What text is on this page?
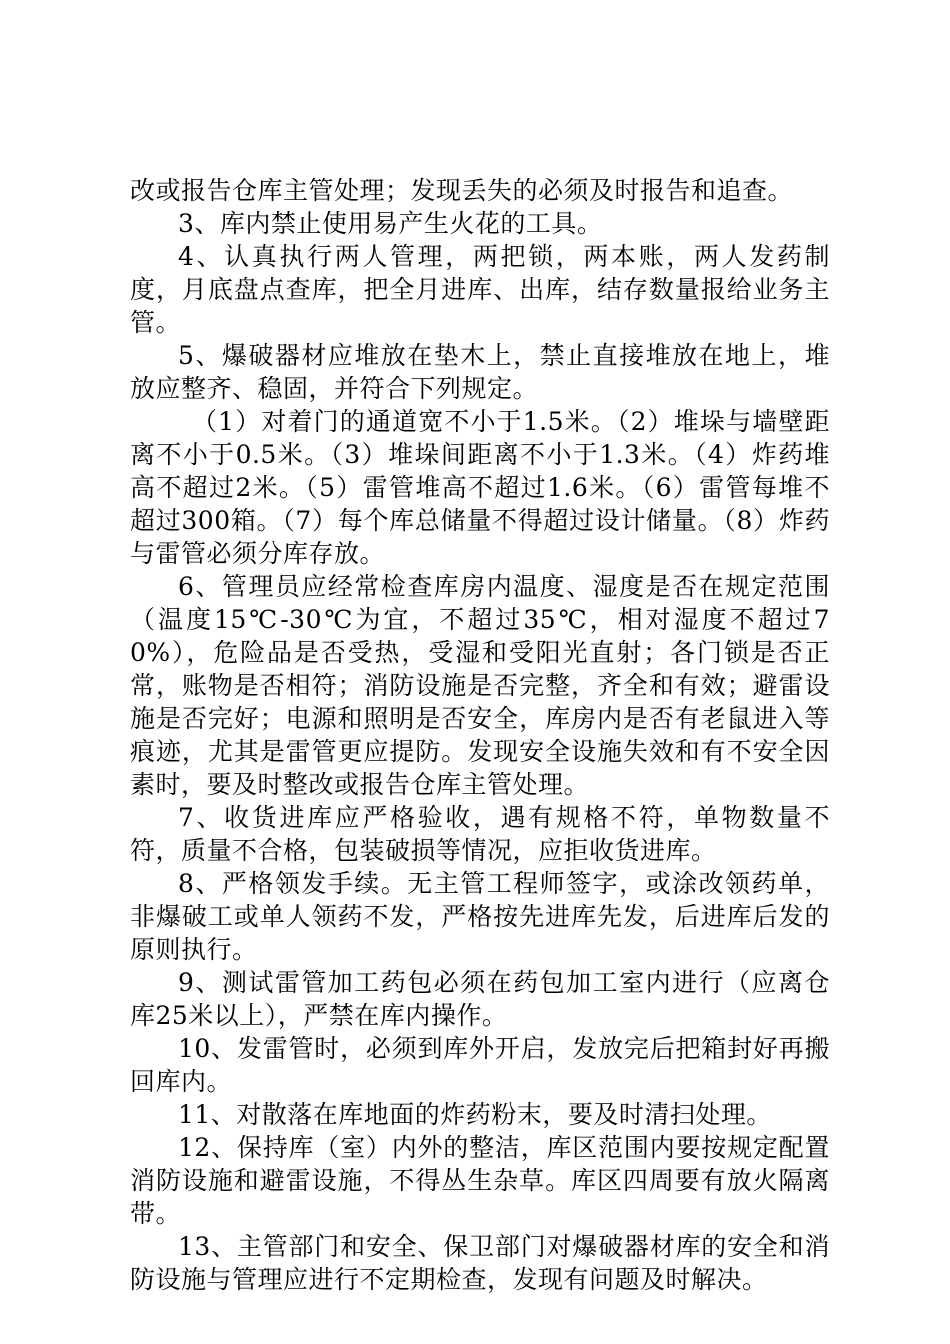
改或报告仓库主管处理；发现丢失的必须及时报告和追查。

3、库内禁止使用易产生火花的工具。

4、认真执行两人管理，两把锁，两本账，两人发药制度，月底盘点查库，把全月进库、出库，结存数量报给业务主管。

5、爆破器材应堆放在垫木上，禁止直接堆放在地上，堆放应整齐、稳固，并符合下列规定。

（1）对着门的通道宽不小于1.5米。（2）堆垛与墙壁距离不小于0.5米。（3）堆垛间距离不小于1.3米。（4）炸药堆高不超过2米。（5）雷管堆高不超过1.6米。（6）雷管每堆不超过300箱。（7）每个库总储量不得超过设计储量。（8）炸药与雷管必须分库存放。

6、管理员应经常检查库房内温度、湿度是否在规定范围（温度15℃-30℃为宜，不超过35℃，相对湿度不超过70%），危险品是否受热，受湿和受阳光直射；各门锁是否正常，账物是否相符；消防设施是否完整，齐全和有效；避雷设施是否完好；电源和照明是否安全，库房内是否有老鼠进入等痕迹，尤其是雷管更应提防。发现安全设施失效和有不安全因素时，要及时整改或报告仓库主管处理。

7、收货进库应严格验收，遇有规格不符，单物数量不符，质量不合格，包装破损等情况，应拒收货进库。

8、严格领发手续。无主管工程师签字，或涂改领药单，非爆破工或单人领药不发，严格按先进库先发，后进库后发的原则执行。

9、测试雷管加工药包必须在药包加工室内进行（应离仓库25米以上），严禁在库内操作。

10、发雷管时，必须到库外开启，发放完后把箱封好再搬回库内。

11、对散落在库地面的炸药粉末，要及时清扫处理。

12、保持库（室）内外的整洁，库区范围内要按规定配置消防设施和避雷设施，不得丛生杂草。库区四周要有放火隔离带。

13、主管部门和安全、保卫部门对爆破器材库的安全和消防设施与管理应进行不定期检查，发现有问题及时解决。
